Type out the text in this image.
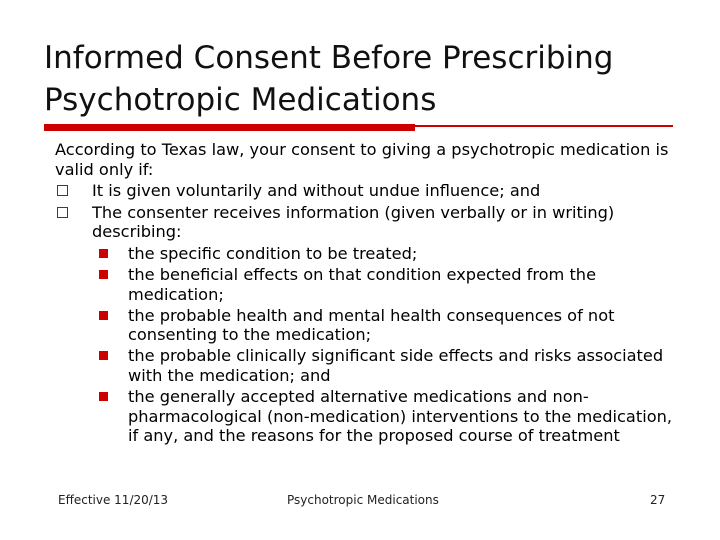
Informed Consent Before Prescribing Psychotropic Medications

According to Texas law, your consent to giving a psychotropic medication is valid only if:

It is given voluntarily and without undue influence; and
The consenter receives information (given verbally or in writing) describing:
the specific condition to be treated;
the beneficial effects on that condition expected from the medication;
the probable health and mental health consequences of not consenting to the medication;
the probable clinically significant side effects and risks associated with the medication; and
the generally accepted alternative medications and non-pharmacological (non-medication) interventions to the medication, if any, and the reasons for the proposed course of treatment
Effective 11/20/13	Psychotropic Medications	27
